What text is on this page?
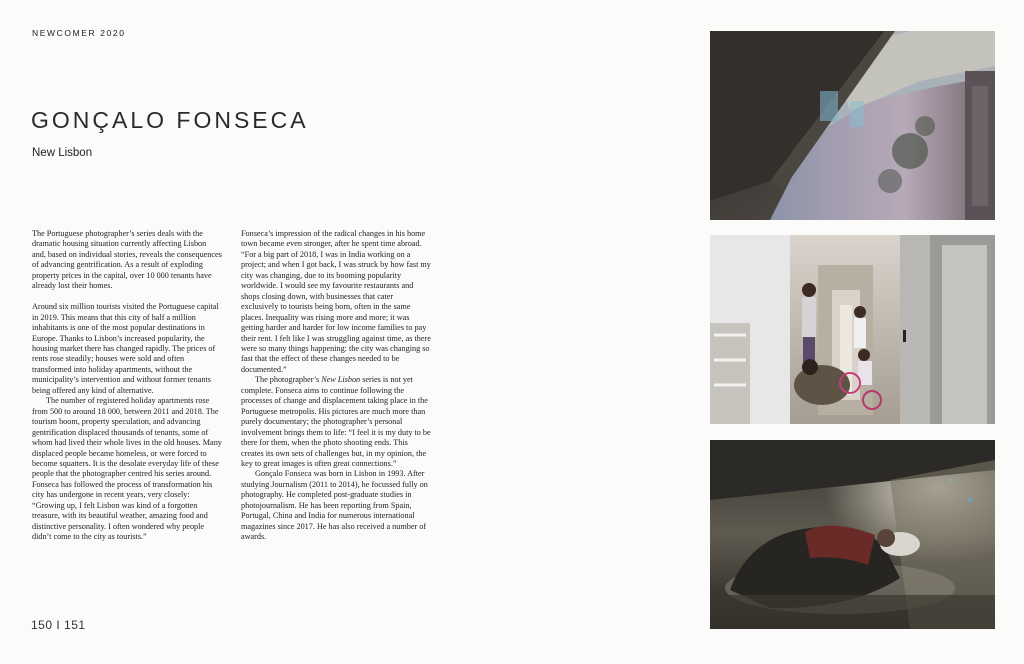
NEWCOMER 2020
GONÇALO FONSECA
New Lisbon

The Portuguese photographer’s series deals with the dramatic housing situation currently affecting Lisbon and, based on individual stories, reveals the consequences of advancing gentrification. As a result of exploding property prices in the capital, over 10 000 tenants have already lost their homes.

Around six million tourists visited the Portuguese capital in 2019. This means that this city of half a million inhabitants is one of the most popular destinations in Europe. Thanks to Lisbon’s increased popularity, the housing market there has changed rapidly. The prices of rents rose steadily; houses were sold and often transformed into holiday apartments, without the municipality’s intervention and without former tenants being offered any kind of alternative.

The number of registered holiday apartments rose from 500 to around 18 000, between 2011 and 2018. The tourism boom, property speculation, and advancing gentrification displaced thousands of tenants, some of whom had lived their whole lives in the old houses. Many displaced people became homeless, or were forced to become squatters. It is the desolate everyday life of these people that the photographer centred his series around. Fonseca has followed the process of transformation his city has undergone in recent years, very closely: “Growing up, I felt Lisbon was kind of a forgotten treasure, with its beautiful weather, amazing food and distinctive personality. I often wondered why people didn’t come to the city as tourists.”

Fonseca’s impression of the radical changes in his home town became even stronger, after he spent time abroad. “For a big part of 2018, I was in India working on a project; and when I got back, I was struck by how fast my city was changing, due to its booming popularity worldwide. I would see my favourite restaurants and shops closing down, with businesses that cater exclusively to tourists being born, often in the same places. Inequality was rising more and more; it was getting harder and harder for low income families to pay their rent. I felt like I was struggling against time, as there were so many things happening: the city was changing so fast that the effect of these changes needed to be documented.”

The photographer’s New Lisbon series is not yet complete. Fonseca aims to continue following the processes of change and displacement taking place in the Portuguese metropolis. His pictures are much more than purely documentary; the photographer’s personal involvement brings them to life: “I feel it is my duty to be there for them, when the photo shooting ends. This creates its own sets of challenges but, in my opinion, the key to great images is often great connections.”

Gonçalo Fonseca was born in Lisbon in 1993. After studying Journalism (2011 to 2014), he focussed fully on photography. He completed post-graduate studies in photojournalism. He has been reporting from Spain, Portugal, China and India for numerous international magazines since 2017. He has also received a number of awards.

150 I 151
